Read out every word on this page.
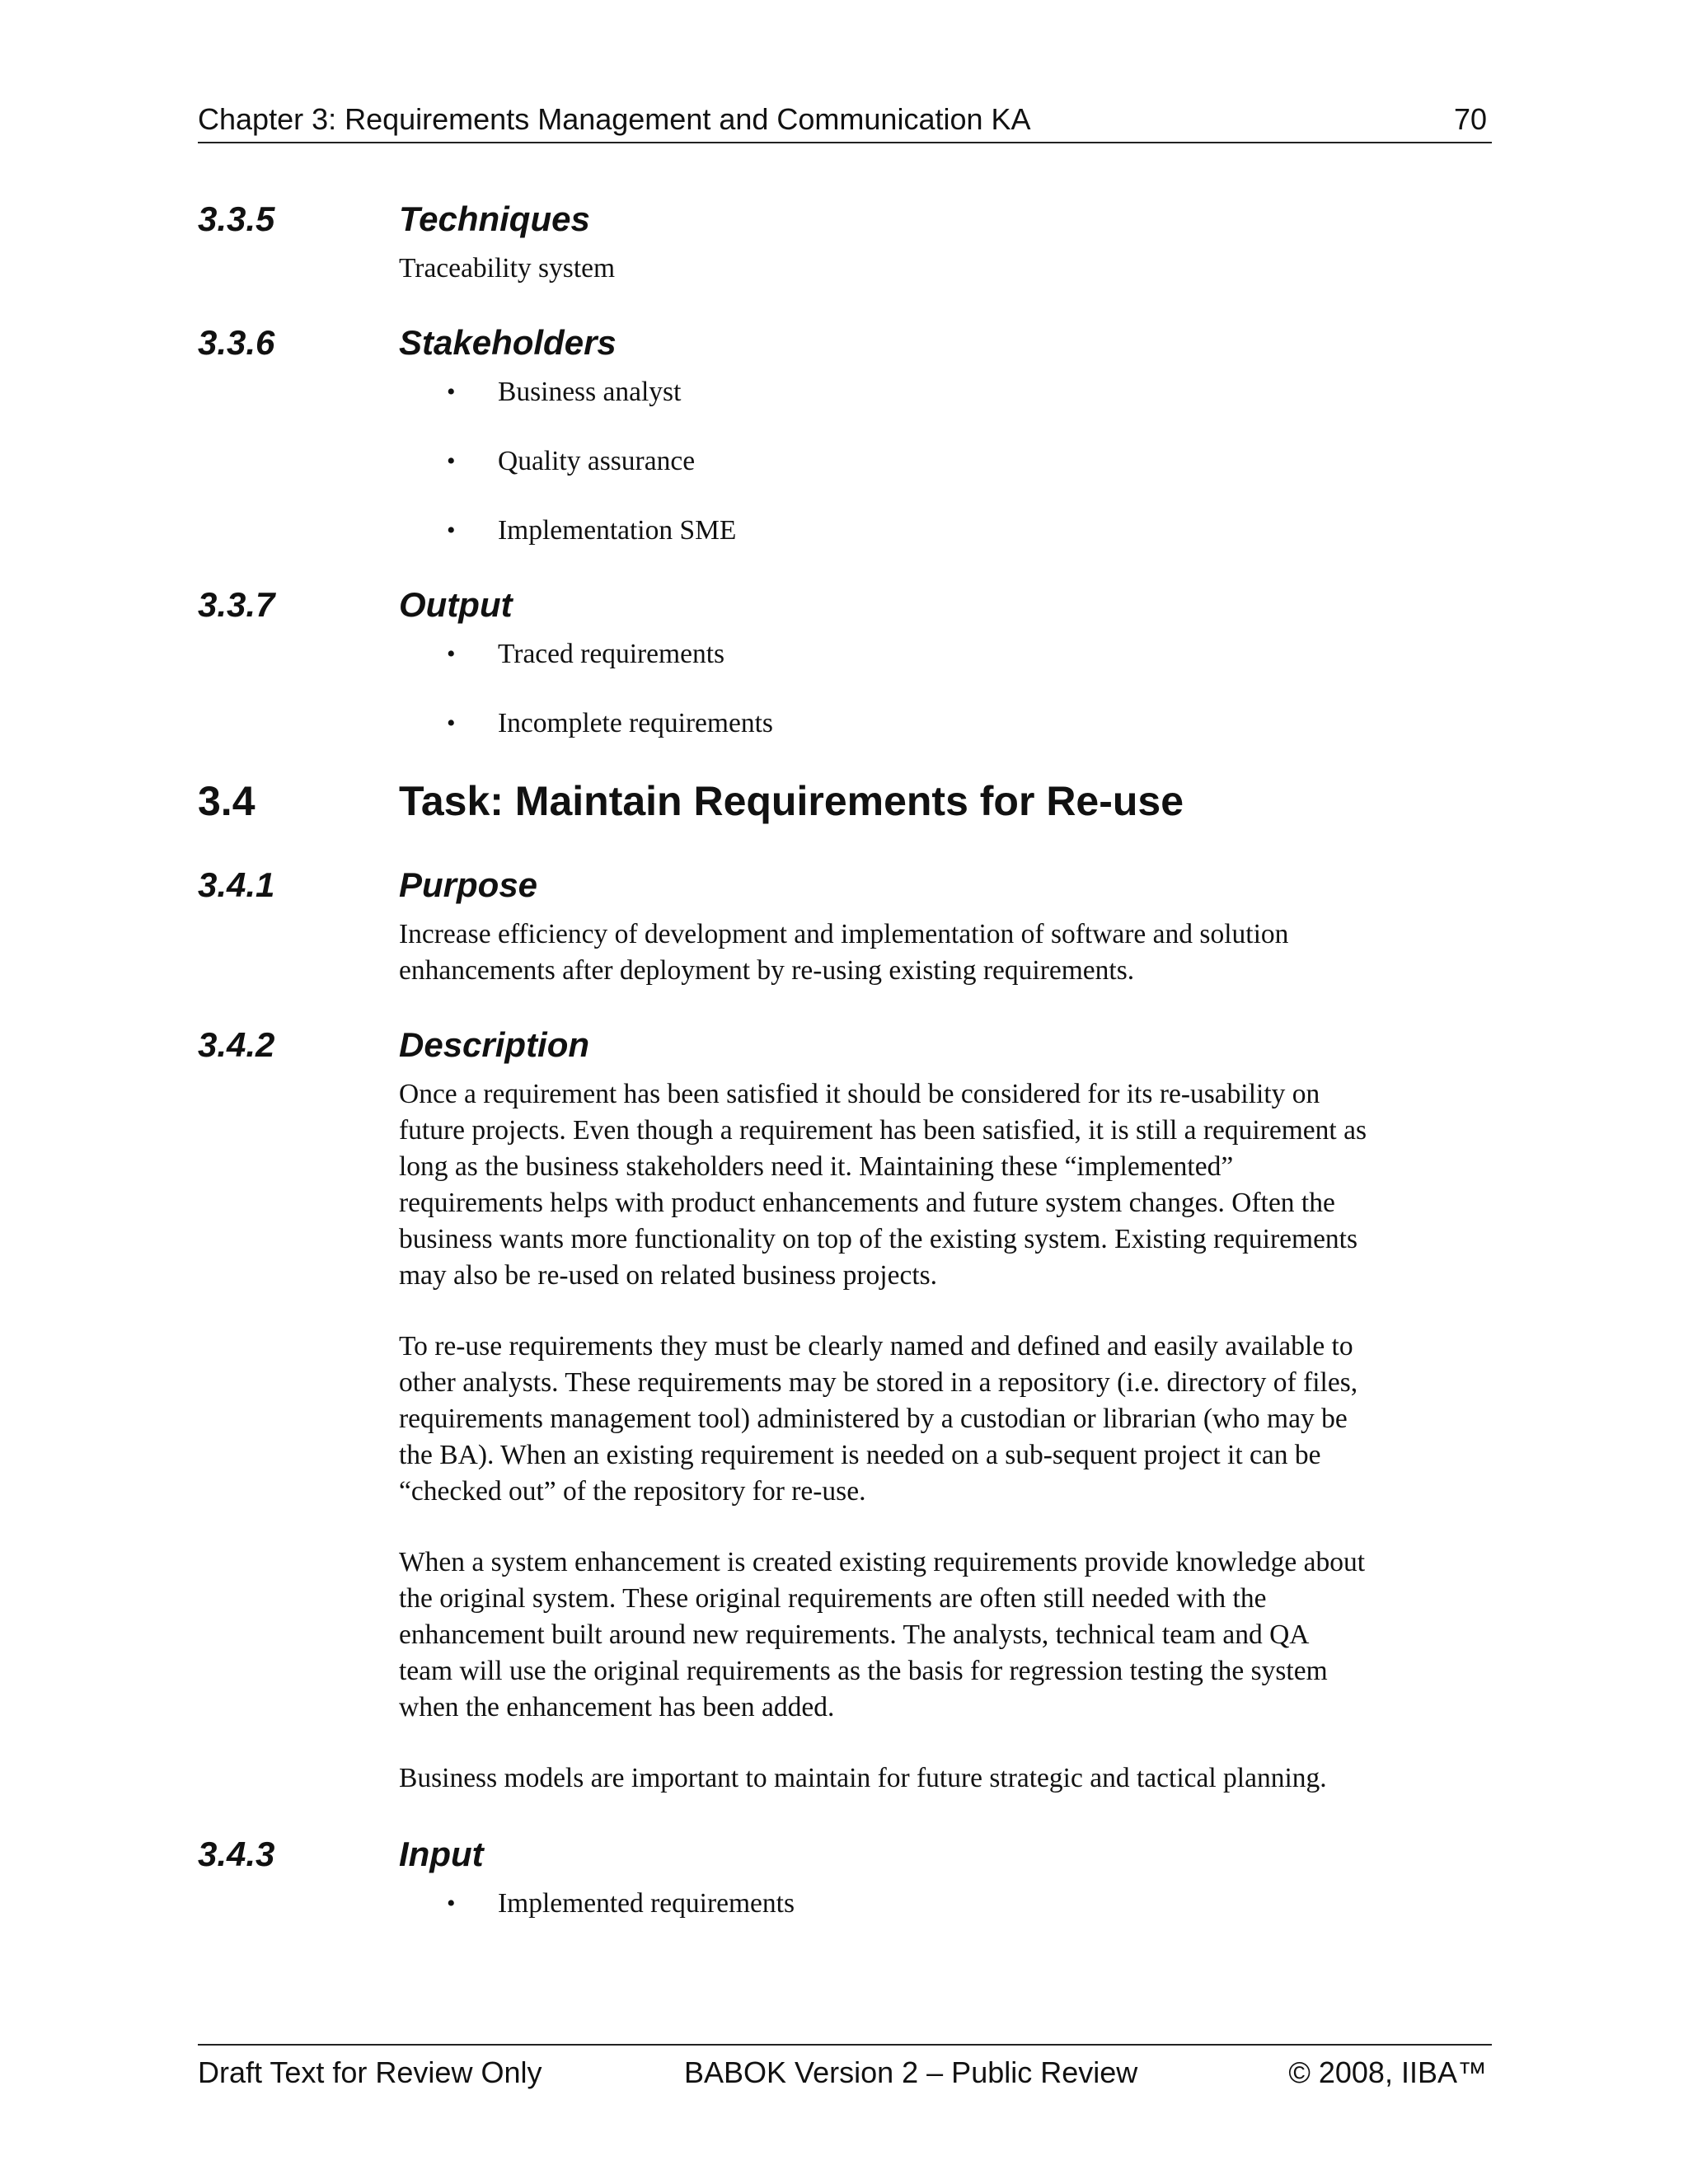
Chapter 3: Requirements Management and Communication KA	70
3.3.5	Techniques

Traceability system

3.3.6	Stakeholders
• Business analyst
• Quality assurance
• Implementation SME
3.3.7	Output
• Traced requirements
• Incomplete requirements
3.4	Task: Maintain Requirements for Re-use
3.4.1	Purpose
Increase efficiency of development and implementation of software and solution
enhancements after deployment by re-using existing requirements.
3.4.2	Description
Once a requirement has been satisfied it should be considered for its re-usability on
future projects. Even though a requirement has been satisfied, it is still a requirement as
long as the business stakeholders need it. Maintaining these “implemented”
requirements helps with product enhancements and future system changes. Often the
business wants more functionality on top of the existing system. Existing requirements
may also be re-used on related business projects.
To re-use requirements they must be clearly named and defined and easily available to
other analysts. These requirements may be stored in a repository (i.e. directory of files,
requirements management tool) administered by a custodian or librarian (who may be
the BA). When an existing requirement is needed on a sub-sequent project it can be
“checked out” of the repository for re-use.
When a system enhancement is created existing requirements provide knowledge about
the original system. These original requirements are often still needed with the
enhancement built around new requirements. The analysts, technical team and QA
team will use the original requirements as the basis for regression testing the system
when the enhancement has been added.
Business models are important to maintain for future strategic and tactical planning.
3.4.3	Input
• Implemented requirements
Draft Text for Review Only	BABOK Version 2 – Public Review	© 2008, IIBA™
